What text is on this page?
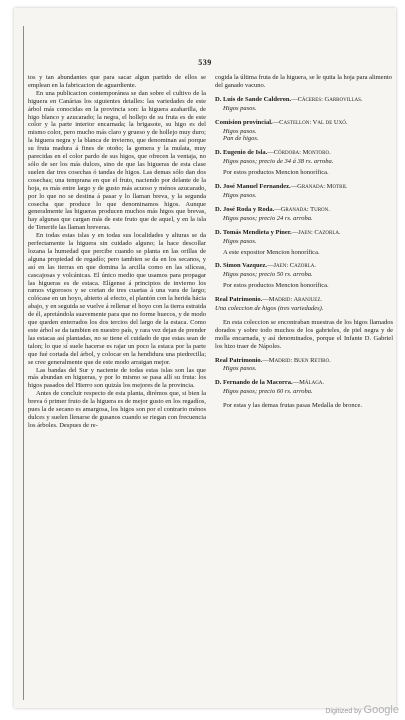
539

tos y tan abundantes que para sacar algun partido de ellos se emplean en la fabricacion de aguardiente.

En una publicacion contemporánea se dan sobre el cultivo de la higuera en Canárias los siguientes detalles: las variedades de este árbol más conocidas en la provincia son: la higuera azaharilla, de higo blanco y azucarado; la negra, el hollejo de su fruta es de este color y la parte interior encarnada; la brigasote, su higo es del mismo color, pero mucho más claro y grueso y de hollejo muy duro; la higuera negra y la blanca de invierno, que denominan así porque su fruta madura á fines de otoño; la gomera y la mulata, muy parecidas en el color pardo de sus higos, que ofrecen la ventaja, no sólo de ser los más dulces, sino de que las higueras de esta clase suelen dar tres cosechas ó tandas de higos. Las demas sólo dan dos cosechas; una temprana en que el fruto, naciendo por delante de la hoja, es más entre largo y de gusto más acuoso y ménos azucarado, por lo que no se destina á pasar y lo llaman breva, y la segunda cosecha que produce lo que denominamos higos. Aunque generalmente las higueras producen muchos más higos que brevas, hay algunas que cargan más de este fruto que de aquel, y en la isla de Tenerife las llaman breveras.

En todas estas islas y en todas sus localidades y alturas se da perfectamente la higuera sin cuidado alguno; la hace descollar lozana la humedad que percibe cuando se planta en las orillas de alguna propiedad de regadío; pero tambien se da en los secanos, y así en las tierras en que domina la arcilla como en las silíceas, cascajosas y volcánicas. El único medio que usamos para propagar las higueras es de estaca. Elígense á principios de invierno los ramos vigorosos y se cortan de tres cuartas á una vara de largo; colócase en un hoyo, abierto al efecto, el plantón con la herida hácia abajo, y en seguida se vuelve á rellenar el hoyo con la tierra estraida de él, apretándola suavemente para que no forme huecos, y de modo que queden enterrados los dos tercios del largo de la estaca. Como este árbol se da tambien en nuestro país, y rara vez dejan de prender las estacas así plantadas, no se tiene el cuidado de que estas sean de talon; lo que sí suele hacerse es rajar un poco la estaca por la parte que fué cortada del árbol, y colocar en la hendidura una piedrecilla; se cree generalmente que de este modo arraigan mejor.

Las bandas del Sur y naciente de todas estas islas son las que más abundan en higueras, y por lo mismo se pasa allí su fruta: los higos pasados del Hierro son quizás los mejores de la provincia.

Antes de concluir respecto de esta planta, dirémos que, si bien la breva ó primer fruto de la higuera es de mejor gusto en los regadíos, pues la de secano es amargosa, los higos son por el contrario ménos dulces y suelen llenarse de gusanos cuando se riegan con frecuencia los árboles. Despues de re-

cogida la última fruta de la higuera, se le quita la hoja para alimento del ganado vacuno.

D. Luis de Sande Calderon.—Cáceres: Garrovillas.
Higos pasos.
Comision provincial.—Castellon: Val de Uxó.
Higos pasos.
Pan de higos.
D. Eugenio de Isla.—Córdoba: Montoro.
Higos pasos; precio de 34 á 38 rs. arroba.
Por estos productos Mencion honorífica.
D. José Manuel Fernandez.—Granada: Motril
Higos pasos.
D. José Roda y Roda.—Granada: Turon.
Higos pasos; precio 24 rs. arroba.
D. Tomás Mendieta y Piner.—Jaen: Cazorla.
Higos pasos.
A este expositor Mencion honorífica.
D. Simon Vazquez.—Jaen: Cazorla.
Higos pasos; precio 50 rs. arroba.
Por estos productos Mencion honorífica.
Real Patrimonio.—Madrid: Aranjuez.
Una coleccion de higos (tres variedades).

En esta coleccion se encontraban muestras de los higos llamados dorados y sobre todo muchos de los gabrieles, de piel negra y de molla encarnada, y así denominados, porque el Infante D. Gabriel los hizo traer de Nápoles.

Real Patrimonio.—Madrid: Buen Retiro.
Higos pasos.
D. Fernando de la Macorra.—Málaga.
Higos pasos; precio 60 rs. arroba.

Por estas y las demas frutas pasas Medalla de bronce.

Digitized by Google
